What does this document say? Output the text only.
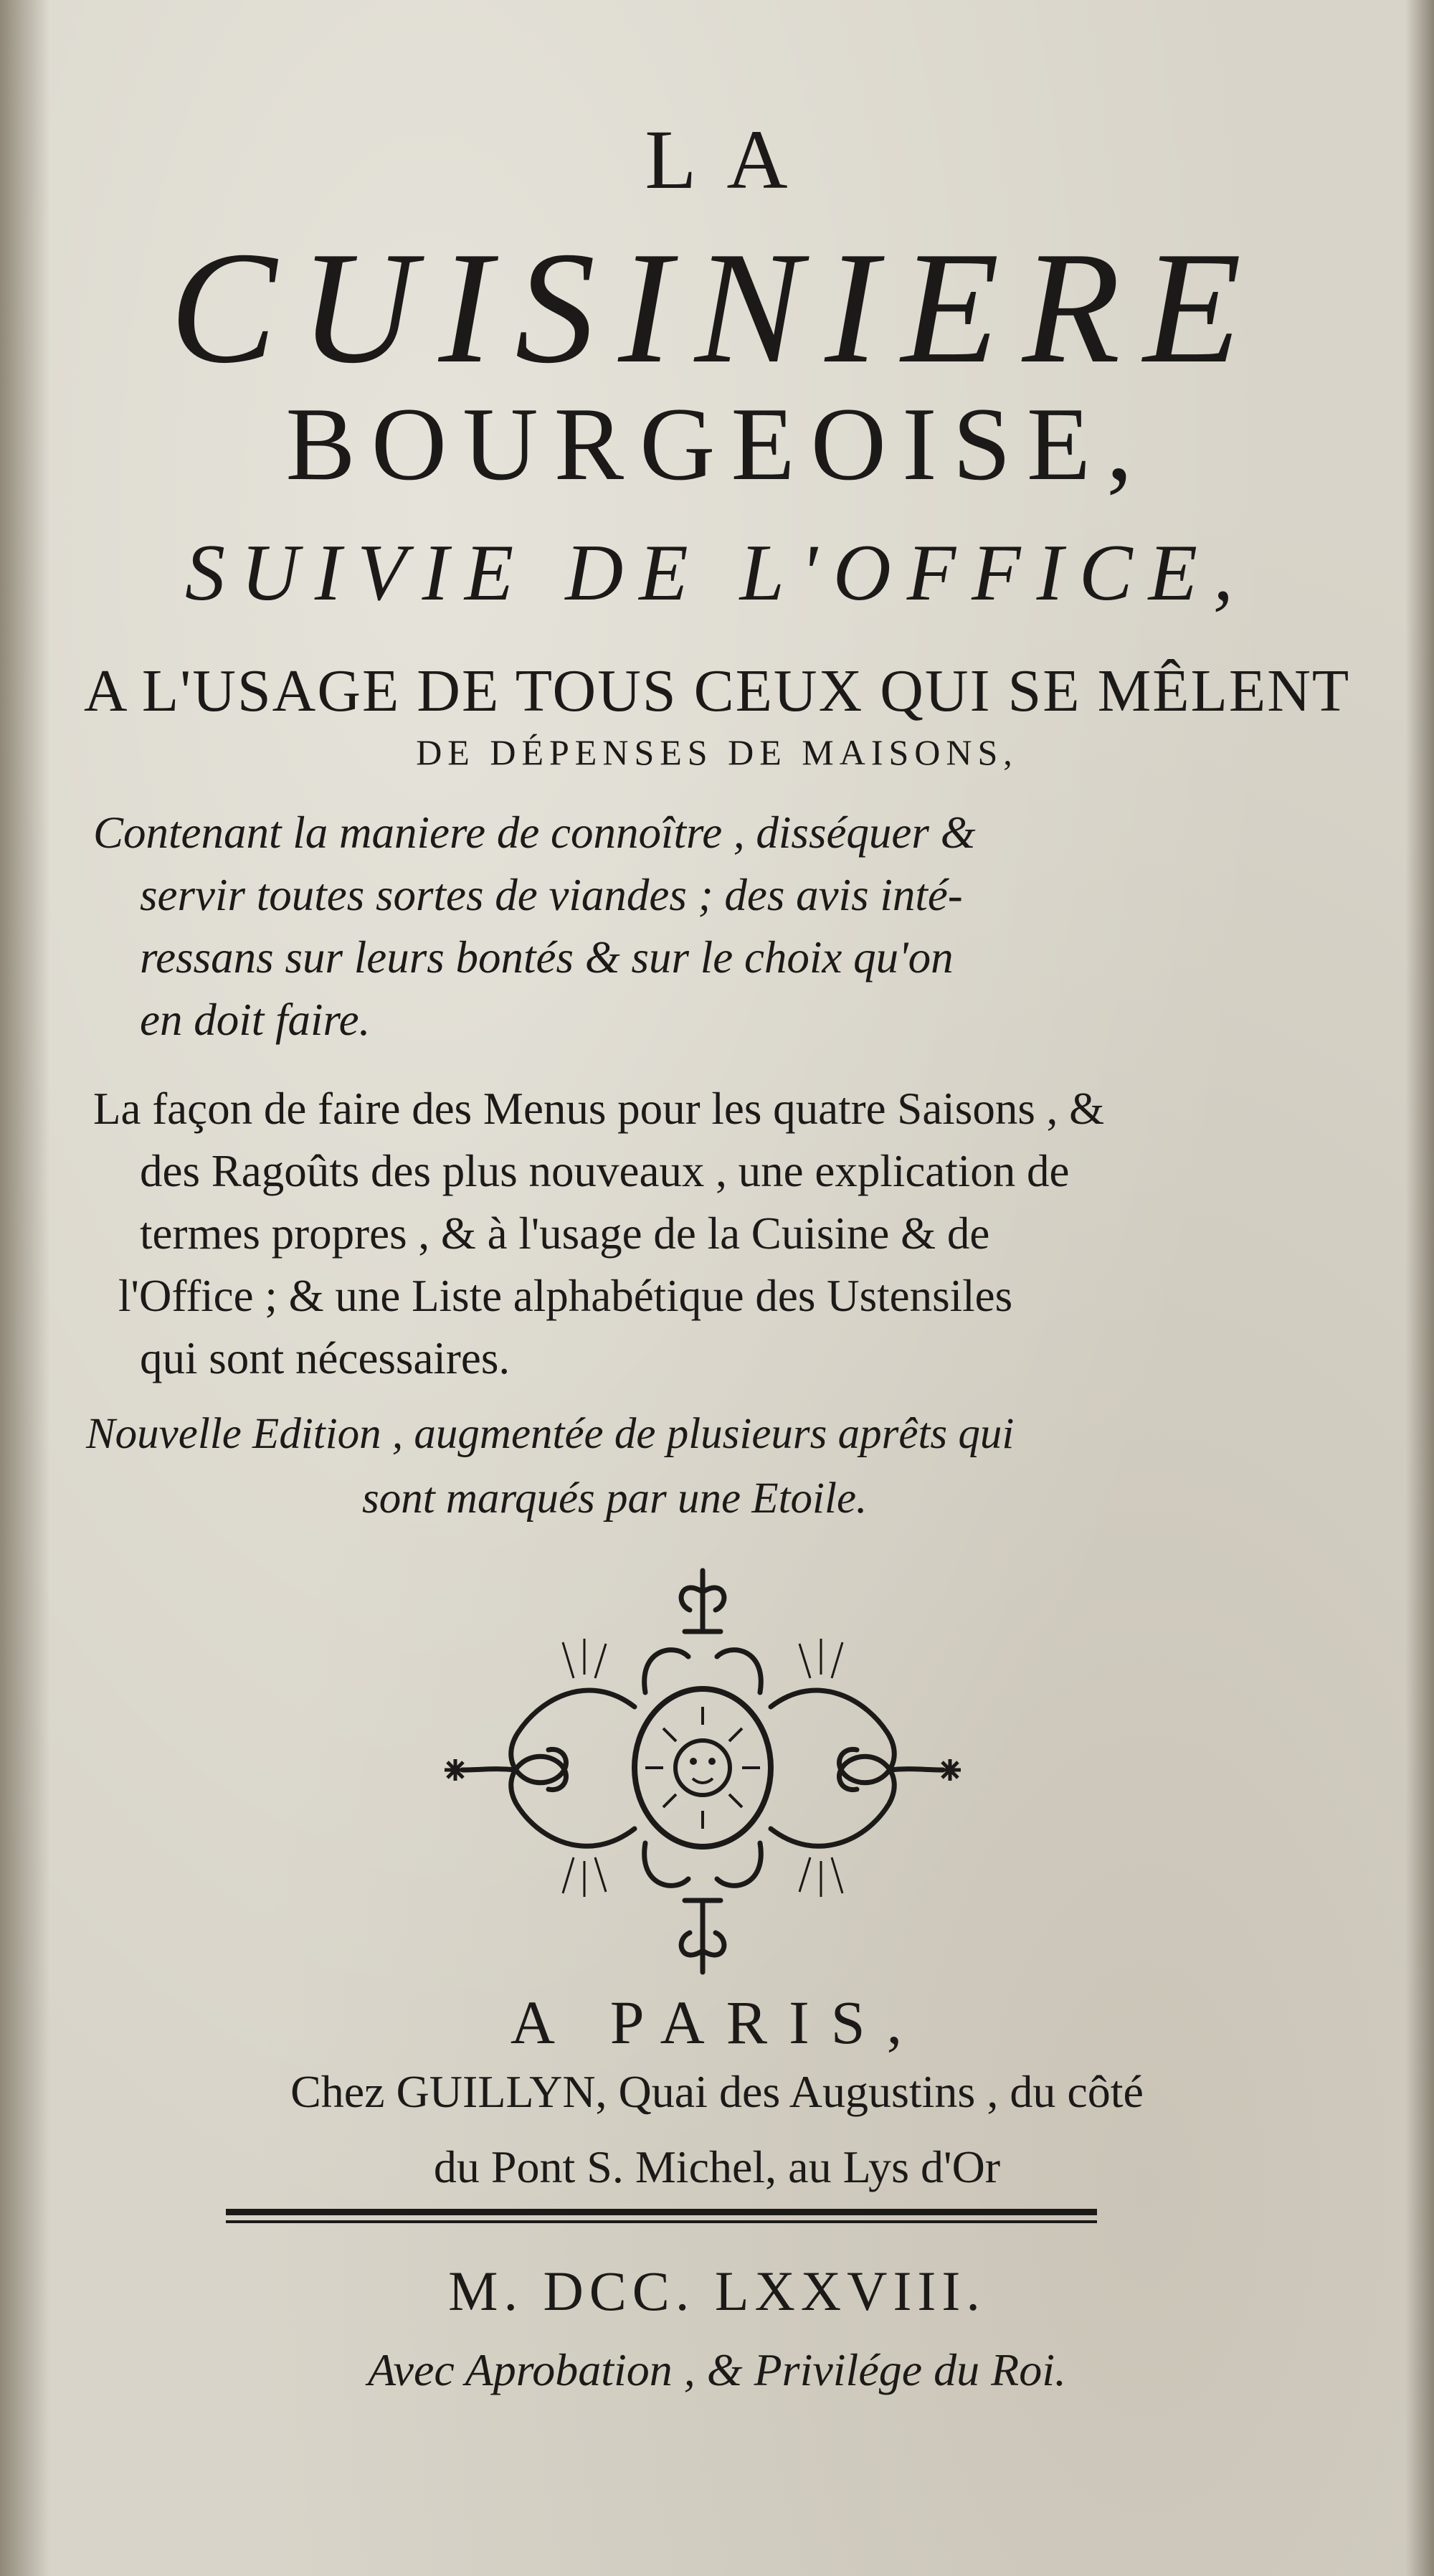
LA
CUISINIERE
BOURGEOISE,
SUIVIE DE L'OFFICE,
A L'USAGE DE TOUS CEUX QUI SE MÊLENT
DE DÉPENSES DE MAISONS,
Contenant la maniere de connoître , disséquer &
servir toutes sortes de viandes ; des avis inté-
ressans sur leurs bontés & sur le choix qu'on
en doit faire.
La façon de faire des Menus pour les quatre Saisons , &
des Ragoûts des plus nouveaux , une explication de
termes propres , & à l'usage de la Cuisine & de
l'Office ; & une Liste alphabétique des Ustensiles
qui sont nécessaires.
Nouvelle Edition , augmentée de plusieurs aprêts qui
sont marqués par une Etoile.
A PARIS,
Chez GUILLYN, Quai des Augustins , du côté
du Pont S. Michel, au Lys d'Or
M. DCC. LXXVIII.
Avec Aprobation , & Privilége du Roi.
